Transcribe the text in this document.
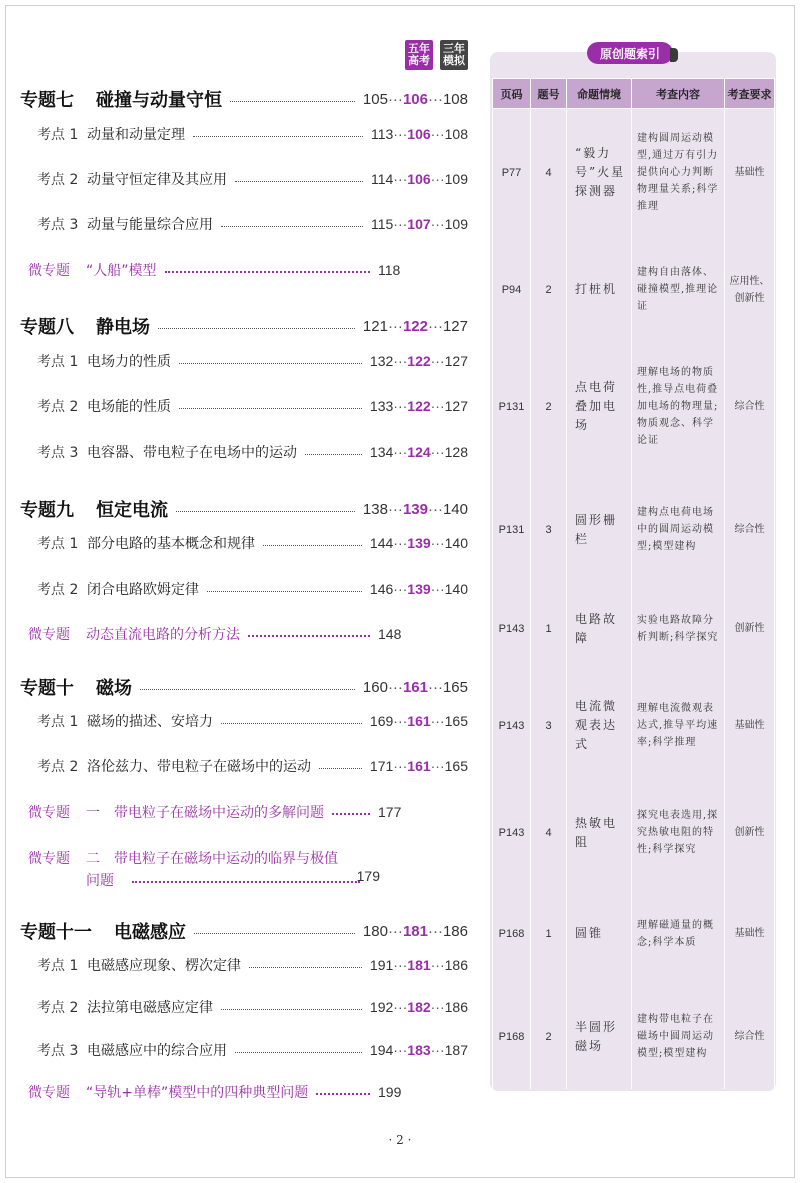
五年
高考
三年
模拟
专题七 碰撞与动量守恒	105···106···108
考点 1 动量和动量定理	113···106···108
考点 2 动量守恒定律及其应用	114···106···109
考点 3 动量与能量综合应用	115···107···109
微专题 “人船”模型	118
专题八 静电场	121···122···127
考点 1 电场力的性质	132···122···127
考点 2 电场能的性质	133···122···127
考点 3 电容器、带电粒子在电场中的运动	134···124···128
专题九 恒定电流	138···139···140
考点 1 部分电路的基本概念和规律	144···139···140
考点 2 闭合电路欧姆定律	146···139···140
微专题 动态直流电路的分析方法	148
专题十 磁场	160···161···165
考点 1 磁场的描述、安培力	169···161···165
考点 2 洛伦兹力、带电粒子在磁场中的运动	171···161···165
微专题 一　带电粒子在磁场中运动的多解问题	177
微专题 二　带电粒子在磁场中运动的临界与极值
问题	179
专题十一 电磁感应	180···181···186
考点 1 电磁感应现象、楞次定律	191···181···186
考点 2 法拉第电磁感应定律	192···182···186
考点 3 电磁感应中的综合应用	194···183···187
微专题 “导轨+单棒”模型中的四种典型问题	199
原创题索引
页码	题号	命题情境	考查内容	考查要求
P77	4	“毅力号”火星探测器	建构圆周运动模型,通过万有引力提供向心力判断物理量关系;科学推理	基础性
P94	2	打桩机	建构自由落体、碰撞模型,推理论证	应用性、创新性
P131	2	点电荷叠加电场	理解电场的物质性,推导点电荷叠加电场的物理量;物质观念、科学论证	综合性
P131	3	圆形栅栏	建构点电荷电场中的圆周运动模型;模型建构	综合性
P143	1	电路故障	实验电路故障分析判断;科学探究	创新性
P143	3	电流微观表达式	理解电流微观表达式,推导平均速率;科学推理	基础性
P143	4	热敏电阻	探究电表选用,探究热敏电阻的特性;科学探究	创新性
P168	1	圆锥	理解磁通量的概念;科学本质	基础性
P168	2	半圆形磁场	建构带电粒子在磁场中圆周运动模型;模型建构	综合性
· 2 ·
